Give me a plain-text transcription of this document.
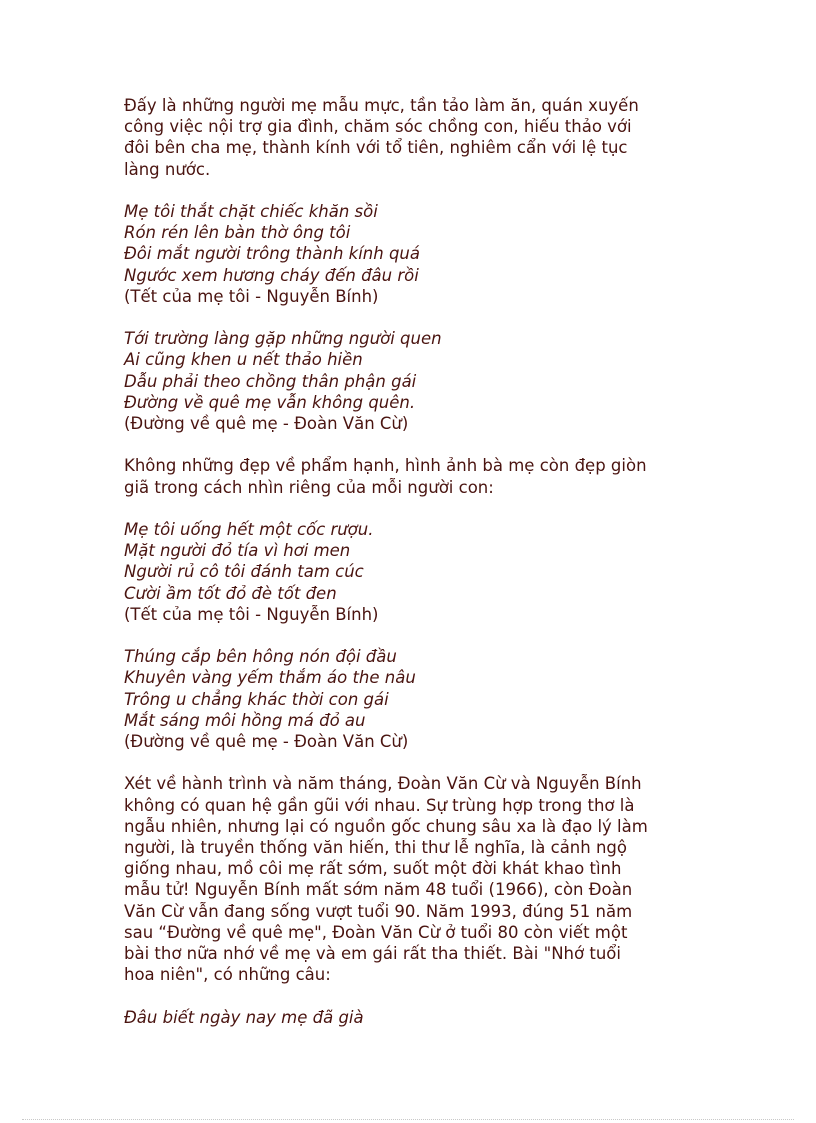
Đấy là những người mẹ mẫu mực, tần tảo làm ăn, quán xuyến
công việc nội trợ gia đình, chăm sóc chồng con, hiếu thảo với
đôi bên cha mẹ, thành kính với tổ tiên, nghiêm cẩn với lệ tục
làng nước.
Mẹ tôi thắt chặt chiếc khăn sồi
Rón rén lên bàn thờ ông tôi
Đôi mắt người trông thành kính quá
Ngước xem hương cháy đến đâu rồi
(Tết của mẹ tôi - Nguyễn Bính)
Tới trường làng gặp những người quen
Ai cũng khen u nết thảo hiền
Dẫu phải theo chồng thân phận gái
Đường về quê mẹ vẫn không quên.
(Đường về quê mẹ - Đoàn Văn Cừ)
Không những đẹp về phẩm hạnh, hình ảnh bà mẹ còn đẹp giòn
giã trong cách nhìn riêng của mỗi người con:
Mẹ tôi uống hết một cốc rượu.
Mặt người đỏ tía vì hơi men
Người rủ cô tôi đánh tam cúc
Cười ầm tốt đỏ đè tốt đen
(Tết của mẹ tôi - Nguyễn Bính)
Thúng cắp bên hông nón đội đầu
Khuyên vàng yếm thắm áo the nâu
Trông u chẳng khác thời con gái
Mắt sáng môi hồng má đỏ au
(Đường về quê mẹ - Đoàn Văn Cừ)
Xét về hành trình và năm tháng, Đoàn Văn Cừ và Nguyễn Bính
không có quan hệ gần gũi với nhau. Sự trùng hợp trong thơ là
ngẫu nhiên, nhưng lại có nguồn gốc chung sâu xa là đạo lý làm
người, là truyền thống văn hiến, thi thư lễ nghĩa, là cảnh ngộ
giống nhau, mồ côi mẹ rất sớm, suốt một đời khát khao tình
mẫu tử! Nguyễn Bính mất sớm năm 48 tuổi (1966), còn Đoàn
Văn Cừ vẫn đang sống vượt tuổi 90. Năm 1993, đúng 51 năm
sau “Đường về quê mẹ", Đoàn Văn Cừ ở tuổi 80 còn viết một
bài thơ nữa nhớ về mẹ và em gái rất tha thiết. Bài "Nhớ tuổi
hoa niên", có những câu:
Đâu biết ngày nay mẹ đã già
